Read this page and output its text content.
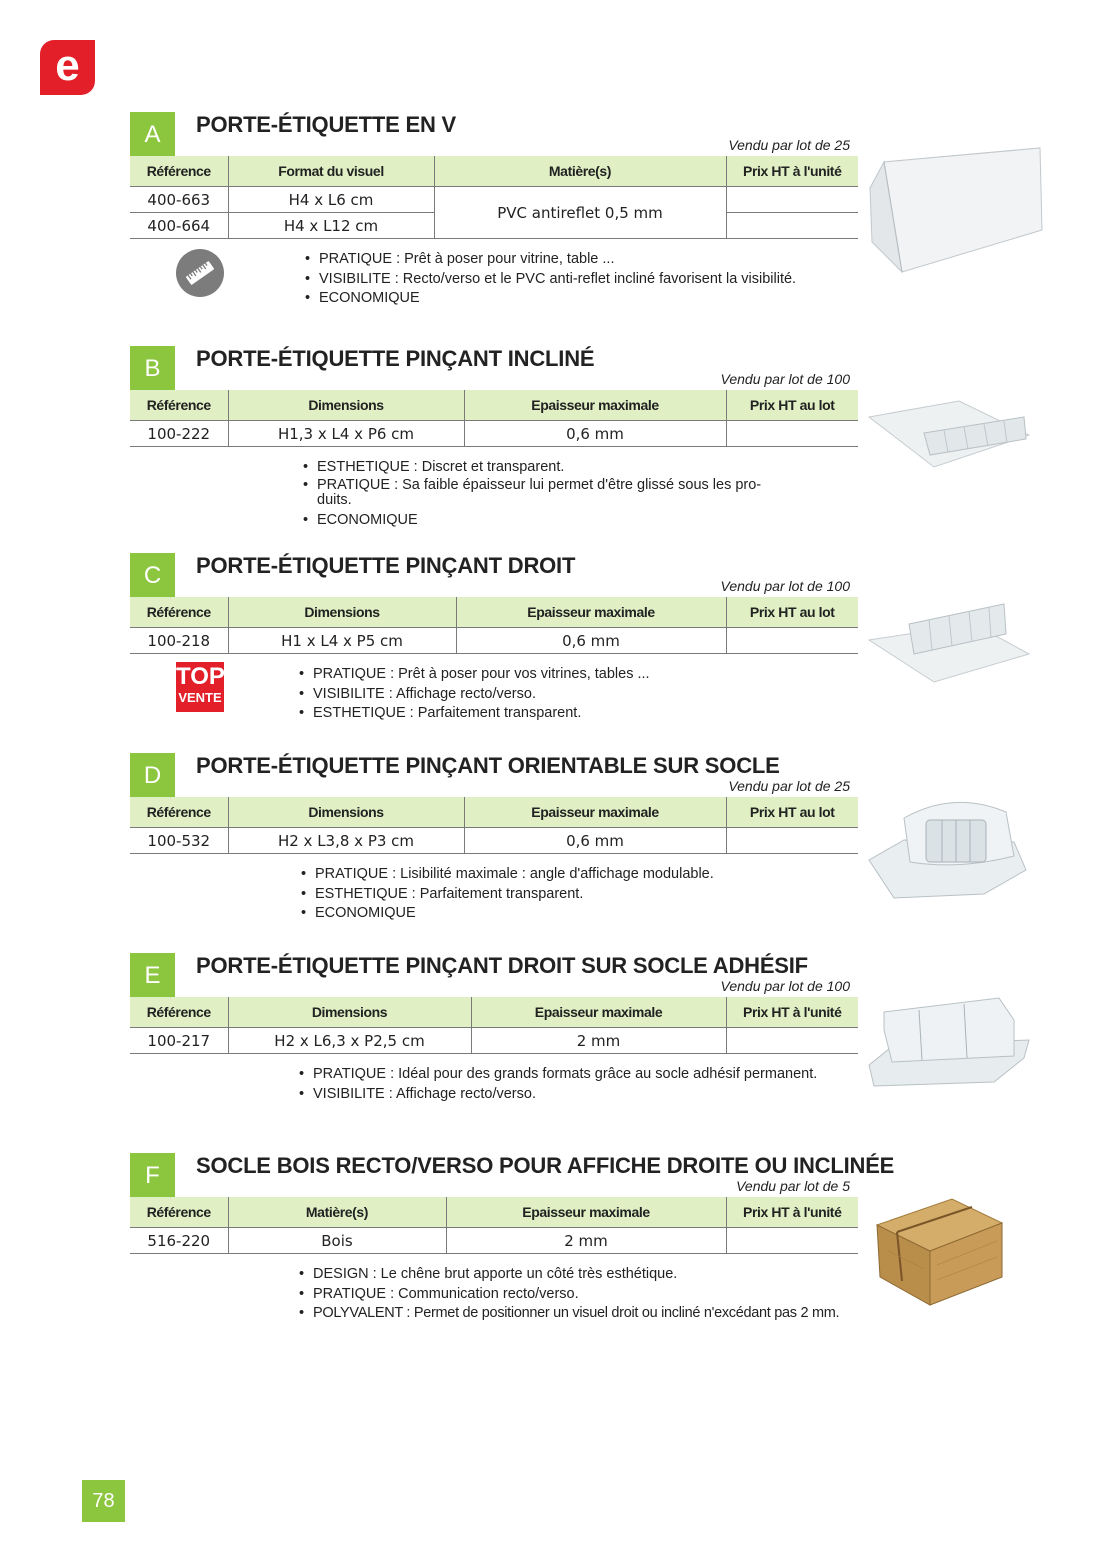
e
A	PORTE-ÉTIQUETTE EN V
Vendu par lot de 25
Référence	Format du visuel	Matière(s)	Prix HT à l'unité
400-663	H4 x L6 cm	PVC antireflet 0,5 mm	
400-664	H4 x L12 cm		
• PRATIQUE : Prêt à poser pour vitrine, table ...
• VISIBILITE : Recto/verso et le PVC anti-reflet incliné favorisent la visibilité.
• ECONOMIQUE
B	PORTE-ÉTIQUETTE PINÇANT INCLINÉ
Vendu par lot de 100
Référence	Dimensions	Epaisseur maximale	Prix HT au lot
100-222	H1,3 x L4 x P6 cm	0,6 mm	
• ESTHETIQUE : Discret et transparent.
• PRATIQUE : Sa faible épaisseur lui permet d'être glissé sous les pro-duits.
• ECONOMIQUE
C	PORTE-ÉTIQUETTE PINÇANT DROIT
Vendu par lot de 100
Référence	Dimensions	Epaisseur maximale	Prix HT au lot
100-218	H1 x L4 x P5 cm	0,6 mm	
TOP
VENTE
• PRATIQUE : Prêt à poser pour vos vitrines, tables ...
• VISIBILITE : Affichage recto/verso.
• ESTHETIQUE : Parfaitement transparent.
D	PORTE-ÉTIQUETTE PINÇANT ORIENTABLE SUR SOCLE
Vendu par lot de 25
Référence	Dimensions	Epaisseur maximale	Prix HT au lot
100-532	H2 x L3,8 x P3 cm	0,6 mm	
• PRATIQUE : Lisibilité maximale : angle d'affichage modulable.
• ESTHETIQUE : Parfaitement transparent.
• ECONOMIQUE
E	PORTE-ÉTIQUETTE PINÇANT DROIT SUR SOCLE ADHÉSIF
Vendu par lot de 100
Référence	Dimensions	Epaisseur maximale	Prix HT à l'unité
100-217	H2 x L6,3 x P2,5 cm	2 mm	
• PRATIQUE : Idéal pour des grands formats grâce au socle adhésif permanent.
• VISIBILITE : Affichage recto/verso.
F	SOCLE BOIS RECTO/VERSO POUR AFFICHE DROITE OU INCLINÉE
Vendu par lot de 5
Référence	Matière(s)	Epaisseur maximale	Prix HT à l'unité
516-220	Bois	2 mm	
• DESIGN : Le chêne brut apporte un côté très esthétique.
• PRATIQUE : Communication recto/verso.
• POLYVALENT : Permet de positionner un visuel droit ou incliné n'excédant pas 2 mm.
78
